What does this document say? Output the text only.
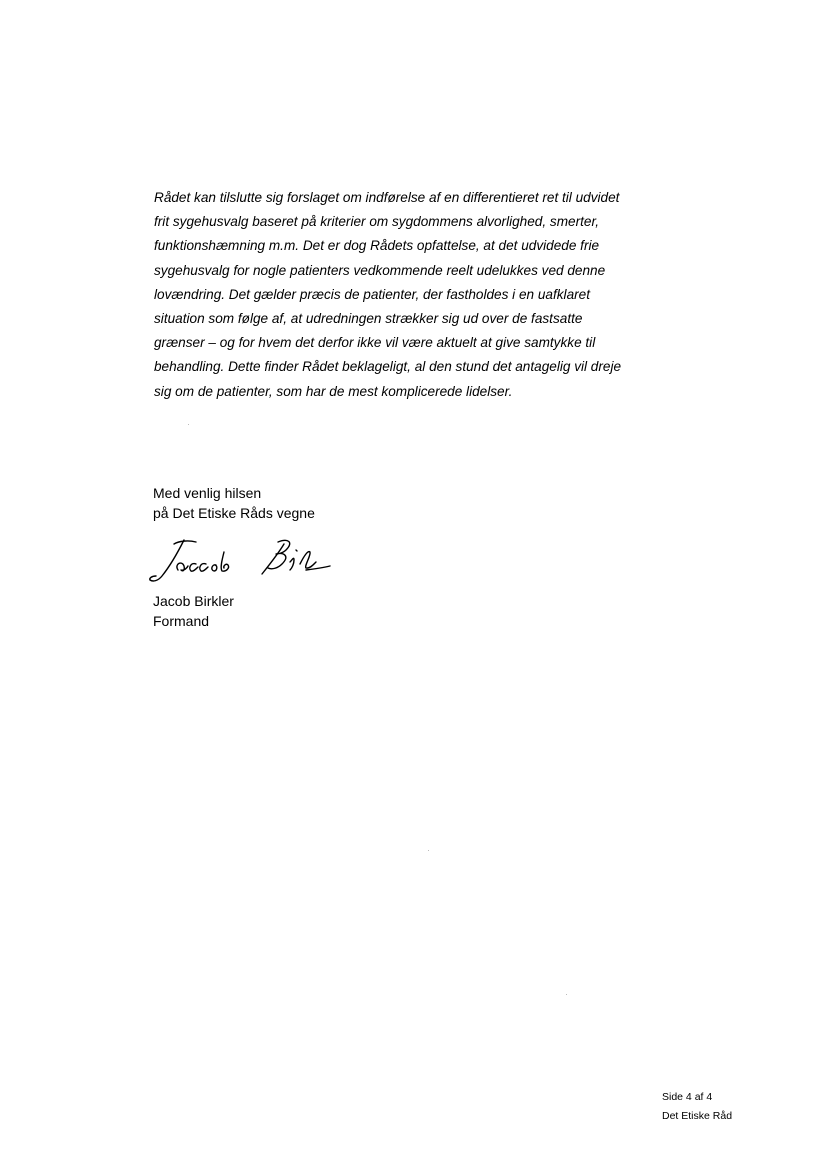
Rådet kan tilslutte sig forslaget om indførelse af en differentieret ret til udvidet
frit sygehusvalg baseret på kriterier om sygdommens alvorlighed, smerter,
funktionshæmning m.m. Det er dog Rådets opfattelse, at det udvidede frie
sygehusvalg for nogle patienters vedkommende reelt udelukkes ved denne
lovændring. Det gælder præcis de patienter, der fastholdes i en uafklaret
situation som følge af, at udredningen strækker sig ud over de fastsatte
grænser – og for hvem det derfor ikke vil være aktuelt at give samtykke til
behandling. Dette finder Rådet beklageligt, al den stund det antagelig vil dreje
sig om de patienter, som har de mest komplicerede lidelser.
Med venlig hilsen
på Det Etiske Råds vegne
Jacob Birkler
Formand
Side 4 af 4
Det Etiske Råd
